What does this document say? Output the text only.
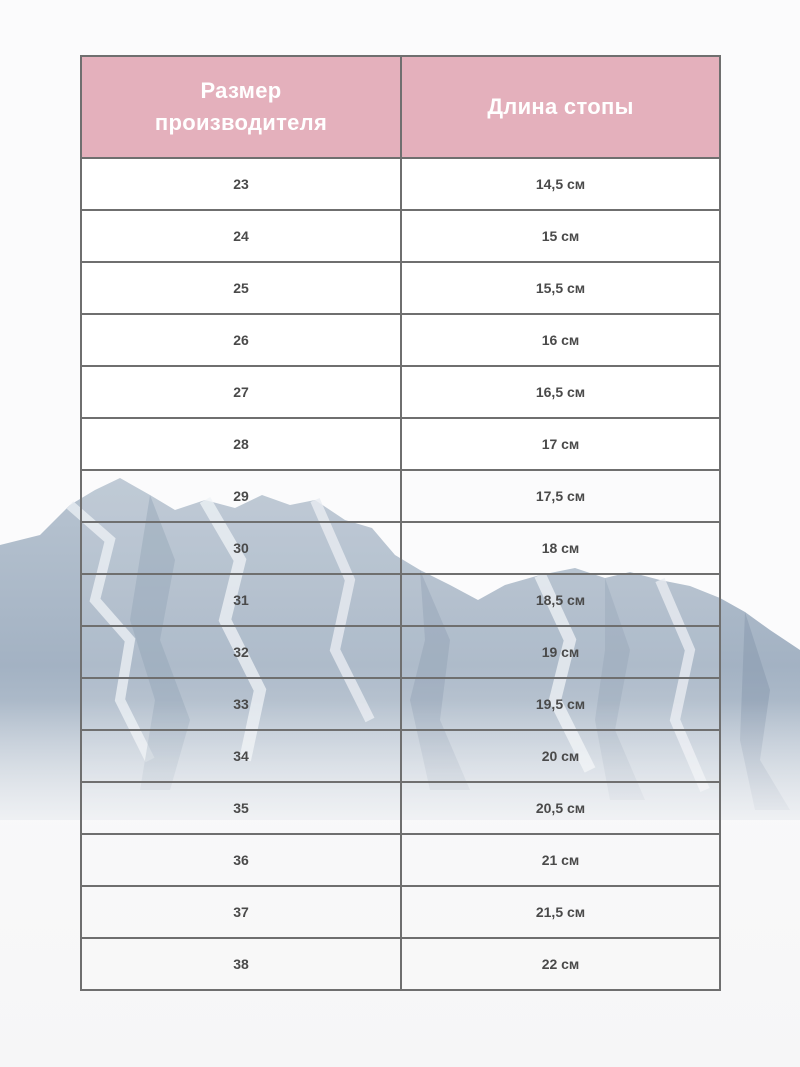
Размер производителя	Длина стопы
23	14,5 см
24	15 см
25	15,5 см
26	16 см
27	16,5 см
28	17 см
29	17,5 см
30	18 см
31	18,5 см
32	19 см
33	19,5 см
34	20 см
35	20,5 см
36	21 см
37	21,5 см
38	22 см
